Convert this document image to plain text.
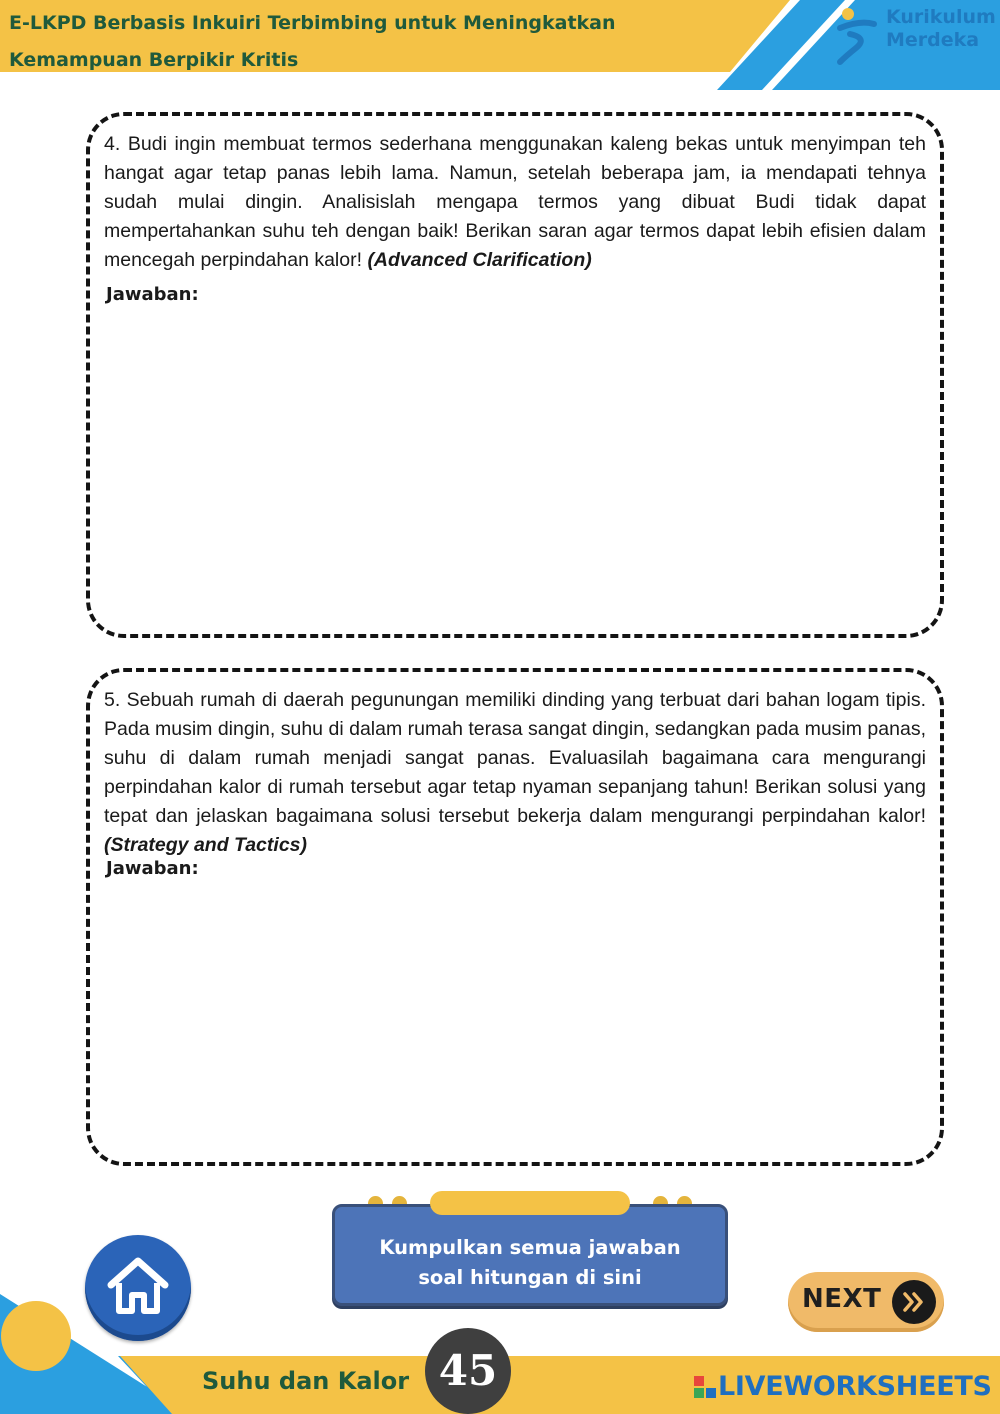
E-LKPD Berbasis Inkuiri Terbimbing untuk Meningkatkan
Kemampuan Berpikir Kritis
Kurikulum
Merdeka

4. Budi ingin membuat termos sederhana menggunakan kaleng bekas untuk menyimpan teh hangat agar tetap panas lebih lama. Namun, setelah beberapa jam, ia mendapati tehnya sudah mulai dingin. Analisislah mengapa termos yang dibuat Budi tidak dapat mempertahankan suhu teh dengan baik! Berikan saran agar termos dapat lebih efisien dalam mencegah perpindahan kalor! (Advanced Clarification)

Jawaban:

5. Sebuah rumah di daerah pegunungan memiliki dinding yang terbuat dari bahan logam tipis. Pada musim dingin, suhu di dalam rumah terasa sangat dingin, sedangkan pada musim panas, suhu di dalam rumah menjadi sangat panas. Evaluasilah bagaimana cara mengurangi perpindahan kalor di rumah tersebut agar tetap nyaman sepanjang tahun! Berikan solusi yang tepat dan jelaskan bagaimana solusi tersebut bekerja dalam mengurangi perpindahan kalor! (Strategy and Tactics)

Jawaban:
Kumpulkan semua jawaban
soal hitungan di sini
NEXT
Suhu dan Kalor 45	LIVEWORKSHEETS
